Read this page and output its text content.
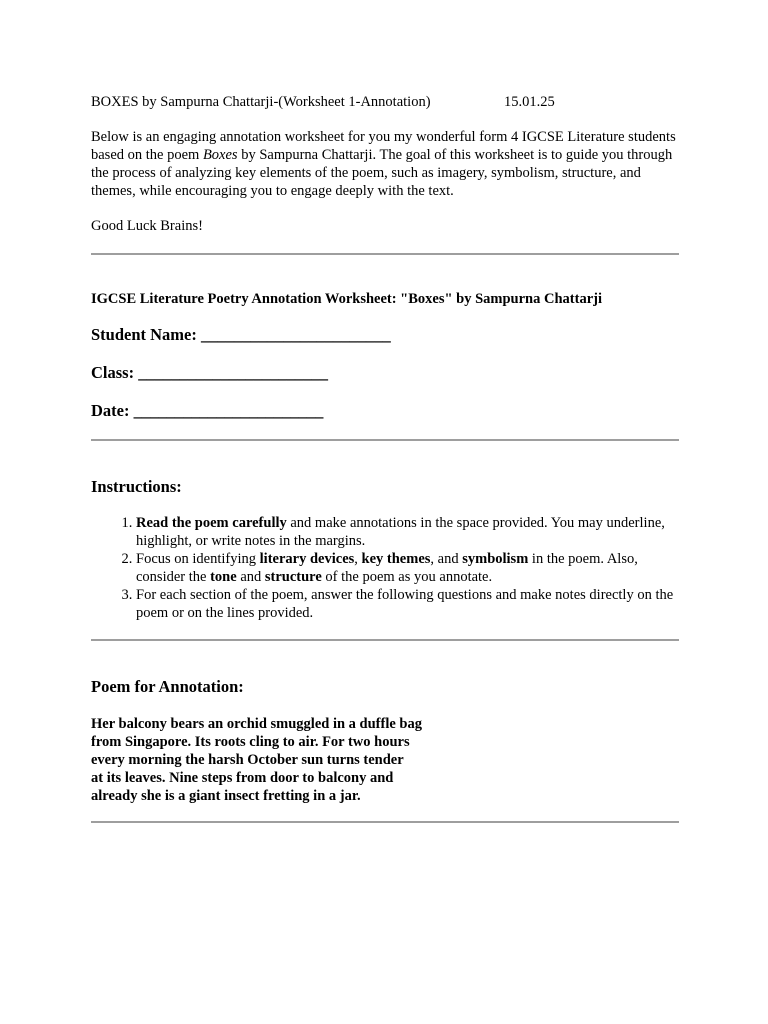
BOXES by Sampurna Chattarji-(Worksheet 1-Annotation)	15.01.25
Below is an engaging annotation worksheet for you my wonderful form 4 IGCSE Literature students based on the poem Boxes by Sampurna Chattarji. The goal of this worksheet is to guide you through the process of analyzing key elements of the poem, such as imagery, symbolism, structure, and themes, while encouraging you to engage deeply with the text.
Good Luck Brains!
IGCSE Literature Poetry Annotation Worksheet: "Boxes" by Sampurna Chattarji
Student Name: _______________________
Class: _______________________
Date: _______________________
Instructions:
1. Read the poem carefully and make annotations in the space provided. You may underline, highlight, or write notes in the margins.
2. Focus on identifying literary devices, key themes, and symbolism in the poem. Also, consider the tone and structure of the poem as you annotate.
3. For each section of the poem, answer the following questions and make notes directly on the poem or on the lines provided.
Poem for Annotation:
Her balcony bears an orchid smuggled in a duffle bag
from Singapore. Its roots cling to air. For two hours
every morning the harsh October sun turns tender
at its leaves. Nine steps from door to balcony and
already she is a giant insect fretting in a jar.
